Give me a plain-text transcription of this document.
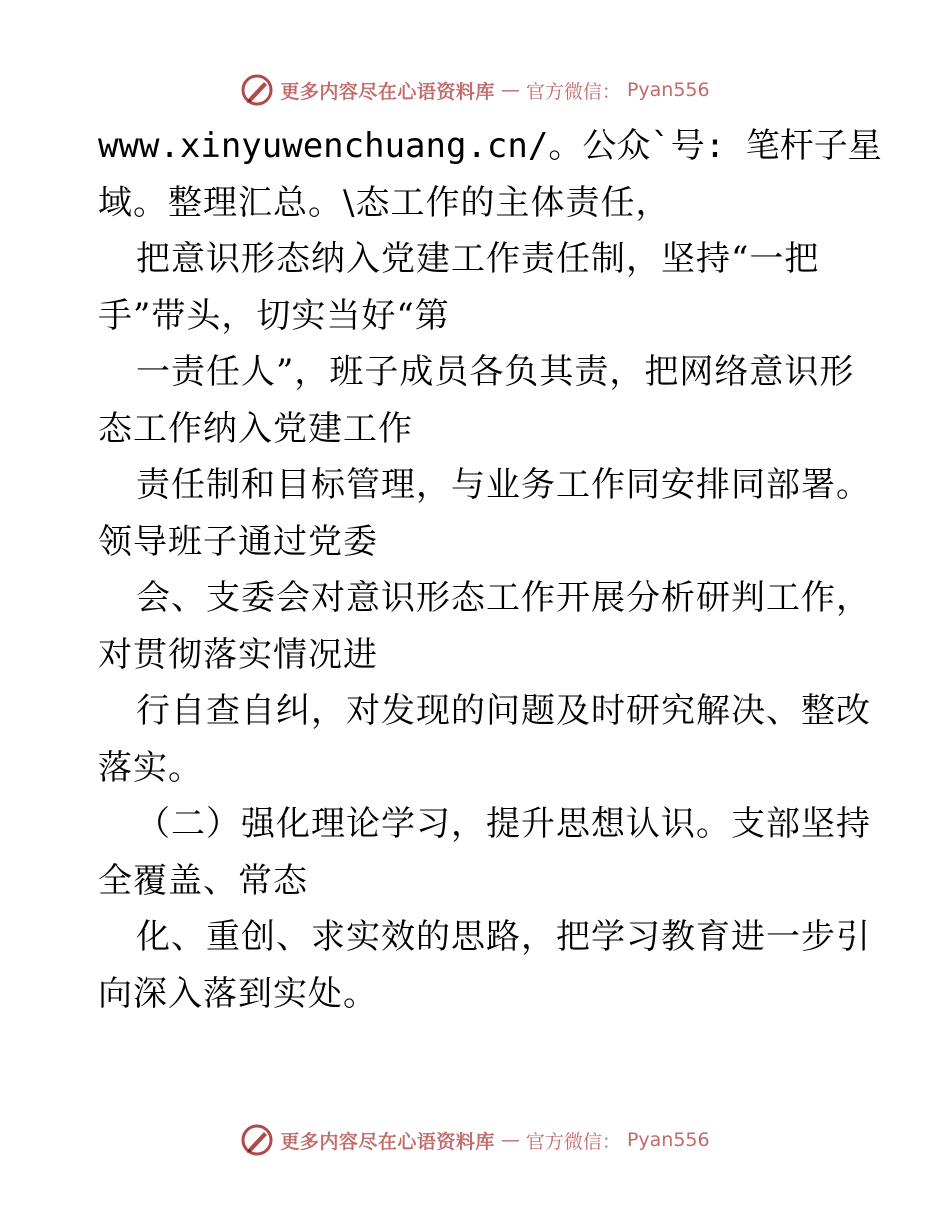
更多内容尽在心语资料库 — 官方微信： Pyan556
www.xinyuwenchuang.cn/。公众`号: 笔杆子星
域。整理汇总。\态工作的主体责任，
把意识形态纳入党建工作责任制，坚持“一把
手”带头，切实当好“第
一责任人”，班子成员各负其责，把网络意识形
态工作纳入党建工作
责任制和目标管理，与业务工作同安排同部署。
领导班子通过党委
会、支委会对意识形态工作开展分析研判工作，
对贯彻落实情况进
行自查自纠，对发现的问题及时研究解决、整改
落实。
（二）强化理论学习，提升思想认识。支部坚持
全覆盖、常态
化、重创、求实效的思路，把学习教育进一步引
向深入落到实处。
更多内容尽在心语资料库 — 官方微信： Pyan556
